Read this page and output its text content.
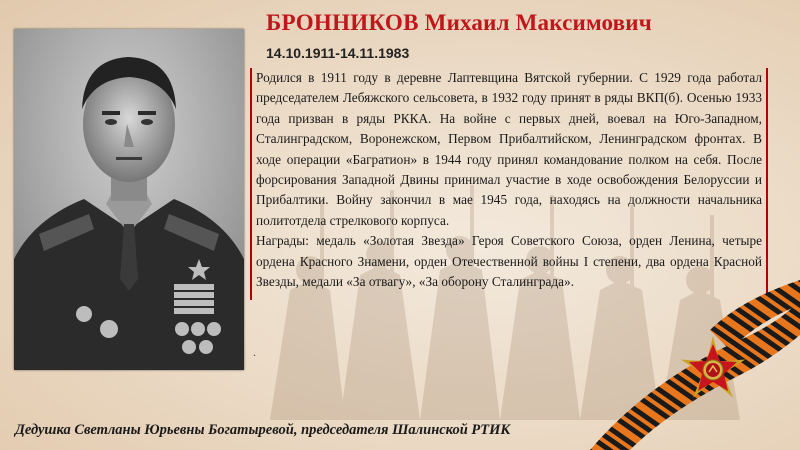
БРОННИКОВ Михаил Максимович
14.10.1911-14.11.1983

Родился в 1911 году в деревне Лаптевщина Вятской губернии. С 1929 года работал председателем Лебяжского сельсовета, в 1932 году принят в ряды ВКП(б). Осенью 1933 года призван в ряды РККА. На войне с первых дней, воевал на Юго-Западном, Сталинградском, Воронежском, Первом Прибалтийском, Ленинградском фронтах. В ходе операции «Багратион» в 1944 году принял командование полком на себя. После форсирования Западной Двины принимал участие в ходе освобождения Белоруссии и Прибалтики. Войну закончил в мае 1945 года, находясь на должности начальника политотдела стрелкового корпуса.

Награды: медаль «Золотая Звезда» Героя Советского Союза, орден Ленина, четыре ордена Красного Знамени, орден Отечественной войны I степени, два ордена Красной Звезды, медали «За отвагу», «За оборону Сталинграда».

.
Дедушка Светланы Юрьевны Богатыревой, председателя Шалинской РТИК
